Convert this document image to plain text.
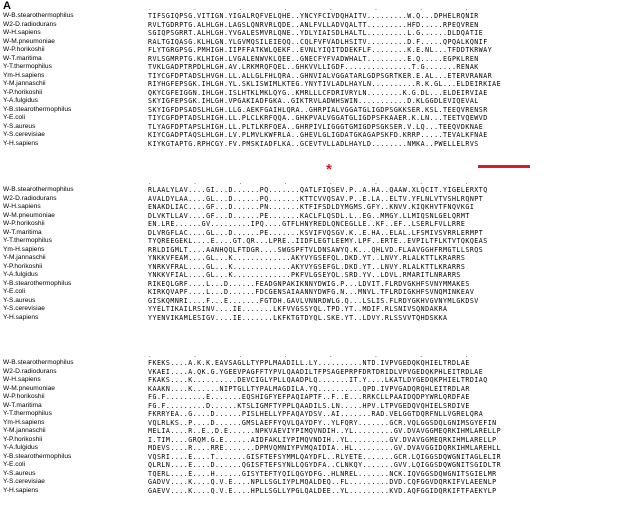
A	.          .          .          .          .          .          .          .
W-B.stearothermophilus	TIFSGIQPSG.VITIGN.YIGALRQFVELQHE..YNCYFCIVDQHAITV.........W.Q...DPHELRQNIR
W2-D.radiodurans	RVLTGDRPTG.ALHLGH.LAGSLQNRVRLQDE..ANLFVLLADVQALTT.........HFD.....RPEQVREN
W-H.sapiens	SGIQPSGRRT.ALHLGH.YVGALESMVRLQNE..YDLYIAISDLHALTL.........L.G......DLDQATIE
W-M.pneumoniae	RALTGIQASG.KLHLGN.YLGVMQSILEIEQQ..CQLFVFVADLHSITV.........D.F.....QPQALKQNIF
W-P.horikoshii	FLYTGRGPSG.PMHIGH.IIPFFATKWLQEKF..EVNLYIQITDDEKFLF........K.E.NL...TFDDTKRWAY
W-T.maritima	RVLSGMRPTG.KLHIGH.LVGALENWVKLQEE..GNECFYFVADWHALT.........E.Q.....EGPKLREN
Y-T.thermophilus	TVKLGADPTRPDLHLGH.AV.LRKMRQFQEL..GHKVVLLIGDF...............T.G.......RENAK
Ym-H.sapiens	TIYCGFDPTADSLHVGH.LL.ALLGLFHLQRA..GHNVIALVGGATARLGDPSGRTKER.E.AL...ETERVRANAR
Y-M.jannaschii	RIYHGFEPSGK.IHLGH.YL.SKLISWIMLKTEG.YNYTIVLADLHAYLN..........R.K.GL...ELDEIRKIAE
Y-P.horikoshii	QKYCGFEIGGN.IHLGH.ISLHTKLMKLQYG..KMRLLLCFDRIVRYLN........K.G.DL...ELDEIRVIAE
Y-A.fulgidus	SKYIGFEPSGK.IHLGH.VPGAKIADFGKA..GIKTRVLADWHSWIN...........D.KLGGDLEVIQEVAL
Y-B.stearothermophilus	SKYIGFDPSADSLHLGH.LLG.AEKFGAIHLQRA..GHRPIALVGGATGLIGDPSGKKSER.KSL.TEEQVRENSR
Y-E.coli	TIYCGFDPTADSLHIGH.LL.PLCLKRFQQA..GHKPVALVGGATGLIGDPSFKAAER.K.LN...TEETVQEWVD
Y-S.aureus	TLYAGFDPTAPSLHIGH.LL.PLTLKRFQEA..GHRPIVLIGGGTGMIGDPSGKSER.V.LQ...TEEQVDKNAE
Y-S.cerevisiae	KIYCGADPTAQSLHLGH.LV.PLMVLKWFRLA..GHEVLGLIGDATGKAGAPSKFD.KRRP.....TEVALKFNAE
Y-H.sapiens	KIYKGTAPTG.RPHCGY.FV.PMSKIADFLKA..GCEVTVLLADLHAYLD........NMKA..PWELLELRVS
.          .          .          .          .          .          .          .
W-B.stearothermophilus	RLAALYLAV....GI...D......PQ.......QATLFIQSEV.P..A.HA..QAAW.XLQCIT.YIGELERXTQ
W2-D.radiodurans	AVALDYLAA....GL...D......PQ.......KTTCVVQSAV.P..E.LA..ELTV.YFLNLVTVSHLRQNPT
W-H.sapiens	ENAKDLIAC....GF...D......PN.......KTFIFSDLDYMGMS.GFY..KNVV.KIQKHVTFNQVKGI
W-M.pneumoniae	DLVKTLLAV....GF...D......PE.......KACLFLQSDL.L..EG..MMGY.LLMIQSNLGELQRMT
W-P.horikoshii	EN.LRE......GV.........IPQ....GTFLHNYREDLQNCEGLLE..KF..EF..LSERLFVLLRRE
W-T.maritima	DLVRGFLAC....GL...D......PE.......KSVIFVQSGV.K..E.HA..ELAL.LFSMIVSVRRLERMPT
Y-T.thermophilus	TYQREEGEKL....E....GT.QR...LPRE..IIDFLEGTLEEMY.LPF..ERTE..EVPILTFLKTVTQKQEAS
Ym-H.sapiens	RRLDIGMLT....AANHQQLFTDGR....SWGSPFTVLDNSAWYQ.K...QHLVD.FLAAVGGHFRMGTLLSRQS
Y-M.jannaschii	YNKKVFEAM....GL...K.............AKYVYGSEFQL.DKD.YT..LNVY.RLALKTTLKRARRS
Y-P.horikoshii	YNRKVFRAL....GL...K.............AKYVYGSEFGL.DKD.YT..LNVY.RLALKTTLKRARRS
Y-A.fulgidus	YNKKVFIAL....GL...K.............PKFVLGSEYQL.SRD.YV..LDVL.RMARITLNRARRS
Y-B.stearothermophilus	RIKEQLGRF....L...D......FEADGNPAKIKNNYDWIG.P...LDVIT.FLRDVGKHFSVNYMMAKES
Y-E.coli	KIRKQVAPF....L...D......FDCGENSAIAANNYDWFG.N...MNVL.TFLRDIGKHFSVNQMINKEAV
Y-S.aureus	GISKQMNRI....F...E.......FGTDH.GAVLVNNRDWLG.Q...LSLIS.FLRDYGKHVGVNYMLGKDSV
Y-S.cerevisiae	YYELTIKAILRSINV....IE.......LKFVVGSSYQL.TPD.YT..MDIF.RLSNIVSQNDAKRA
Y-H.sapiens	YYENVIKAMLESIGV....IE.......LKFKTGTDYQL.SKE.YT..LDVY.RLSSVVTQHDSKKA
.          .          .          .          .          .          .          .
W-B.stearothermophilus	FKEKS....A.K.K.EAVSAGLLTYPPLMAADILL.LY..........NTD.IVPVGEDQKQHIELTRDLAE
W2-D.radiodurans	VKAEI....A.QK.G.YGEEVPAGFFTYPVLQAADILTFPSAGEPRPFDRTDRIDLVPVGEDQKPHLEITRDLAE
W-H.sapiens	FKAKS....K..........DEVCIGLYPLLQAADPLQ.......IT.Y....LKATLDYGEDQKPHIELTRDIAQ
W-M.pneumoniae	KAAKN....K......NIPTGLLTYPALMAGDILA.YQ..........QPD.IVPVGADQRQHLEITRDLAR
W-P.horikoshii	FG.F.........E.......EQSHIGFYEFPAQIAPTF..F..E...RRKCLLPAAIDQDPYWRLQRDFAE
W-T.maritima	FG.F.........D......KTSLIGMFTYPPLQAADILS.LN.....HPV.LTPVGEDQVQHIELSRDIVE
Y-T.thermophilus	FKRRYEA..G....D......PISLHELLYPFAQAYDSV..AI.......RAD.VELGGTDQRFNLLVGRELQRA
Ym-H.sapiens	VQLRLKS..P....D......GMSLAEFFYQVLQAYDFY..YLFQRY.......GCR.VQLGGSDQLGNIMSGYEFIN
Y-M.jannaschii	MELIA....R..E..D.E......NPKVAEVIYPIMQVNDIH..YL.........GV.DVAVGGMEQRKIHMLARELLP
Y-P.horikoshii	I.TIM....GRQM.G.E......AIDFAKLIYPIMQVNDIH..YL.........GV.DVAVGGMEQRKIHMLARELLP
Y-A.fulgidus	MDEVS....R....RRE.......DPMVQMNIYPVMQAIDIA..HL.........GV.DVAVGGIDQRKIHMLAREHLL
Y-B.stearothermophilus	VQSRI....E....T.......GISFTEFSYMMLQAYDFL..RLYETE.......GCR.LQIGGSDQWGNITAGLELIR
Y-E.coli	QLRLN....E....D......QGISFTEFSYNLLQGYDFA..CLNKQY.......GVV.LQIGGSDQWGNITSGIDLTR
Y-S.aureus	TQERL....E....H......GISYTEFTYQILQGYDFG..HLNREL.......NCK.IQVGGSDQWGNITSGIELMR
Y-S.cerevisiae	GADVV....K....Q.V.E....NPLLSGLIYPLMQALDEQ..FL.........DVD.CQFGGVDQRKIFVLAEENLP
Y-H.sapiens	GAEVV....K....Q.V.E....HPLLSGLLYPGLQALDEE..YL.........KVD.AQFGGIDQRKIFTFAEKYLP
*
